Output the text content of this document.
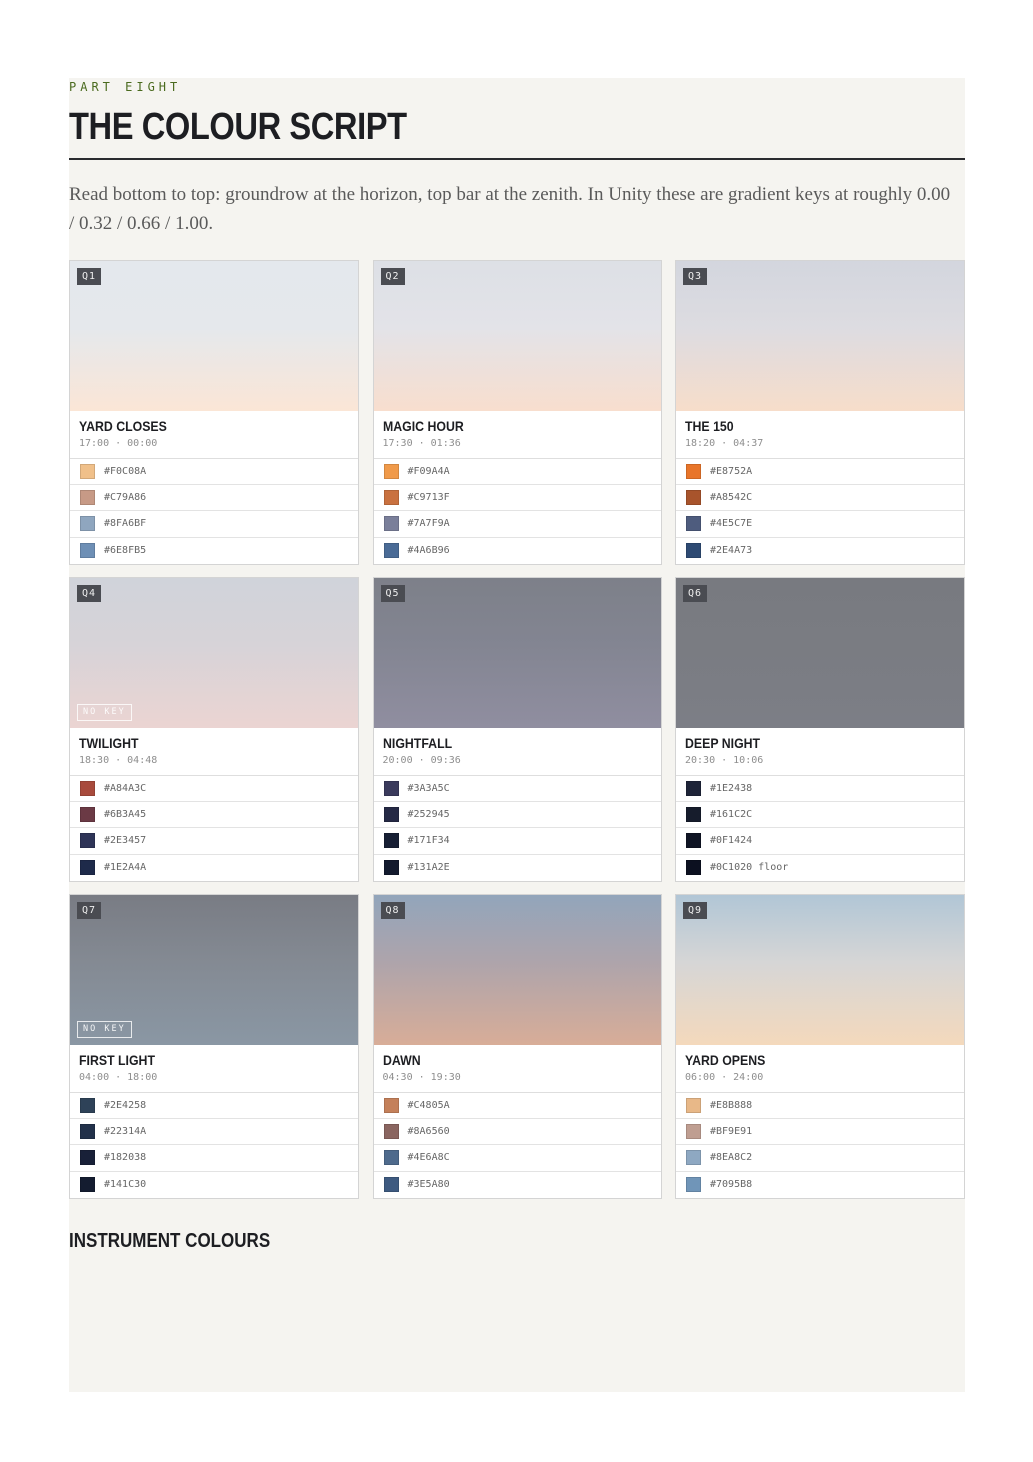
PART EIGHT
THE COLOUR SCRIPT

Read bottom to top: groundrow at the horizon, top bar at the zenith. In Unity these are gradient keys at roughly 0.00 / 0.32 / 0.66 / 1.00.

Q1
YARD CLOSES
17:00 · 00:00
#F0C08A
#C79A86
#8FA6BF
#6E8FB5
Q2
MAGIC HOUR
17:30 · 01:36
#F09A4A
#C9713F
#7A7F9A
#4A6B96
Q3
THE 150
18:20 · 04:37
#E8752A
#A8542C
#4E5C7E
#2E4A73
Q4
NO KEY
TWILIGHT
18:30 · 04:48
#A84A3C
#6B3A45
#2E3457
#1E2A4A
Q5
NIGHTFALL
20:00 · 09:36
#3A3A5C
#252945
#171F34
#131A2E
Q6
DEEP NIGHT
20:30 · 10:06
#1E2438
#161C2C
#0F1424
#0C1020 floor
Q7
NO KEY
FIRST LIGHT
04:00 · 18:00
#2E4258
#22314A
#182038
#141C30
Q8
DAWN
04:30 · 19:30
#C4805A
#8A6560
#4E6A8C
#3E5A80
Q9
YARD OPENS
06:00 · 24:00
#E8B888
#BF9E91
#8EA8C2
#7095B8
INSTRUMENT COLOURS
